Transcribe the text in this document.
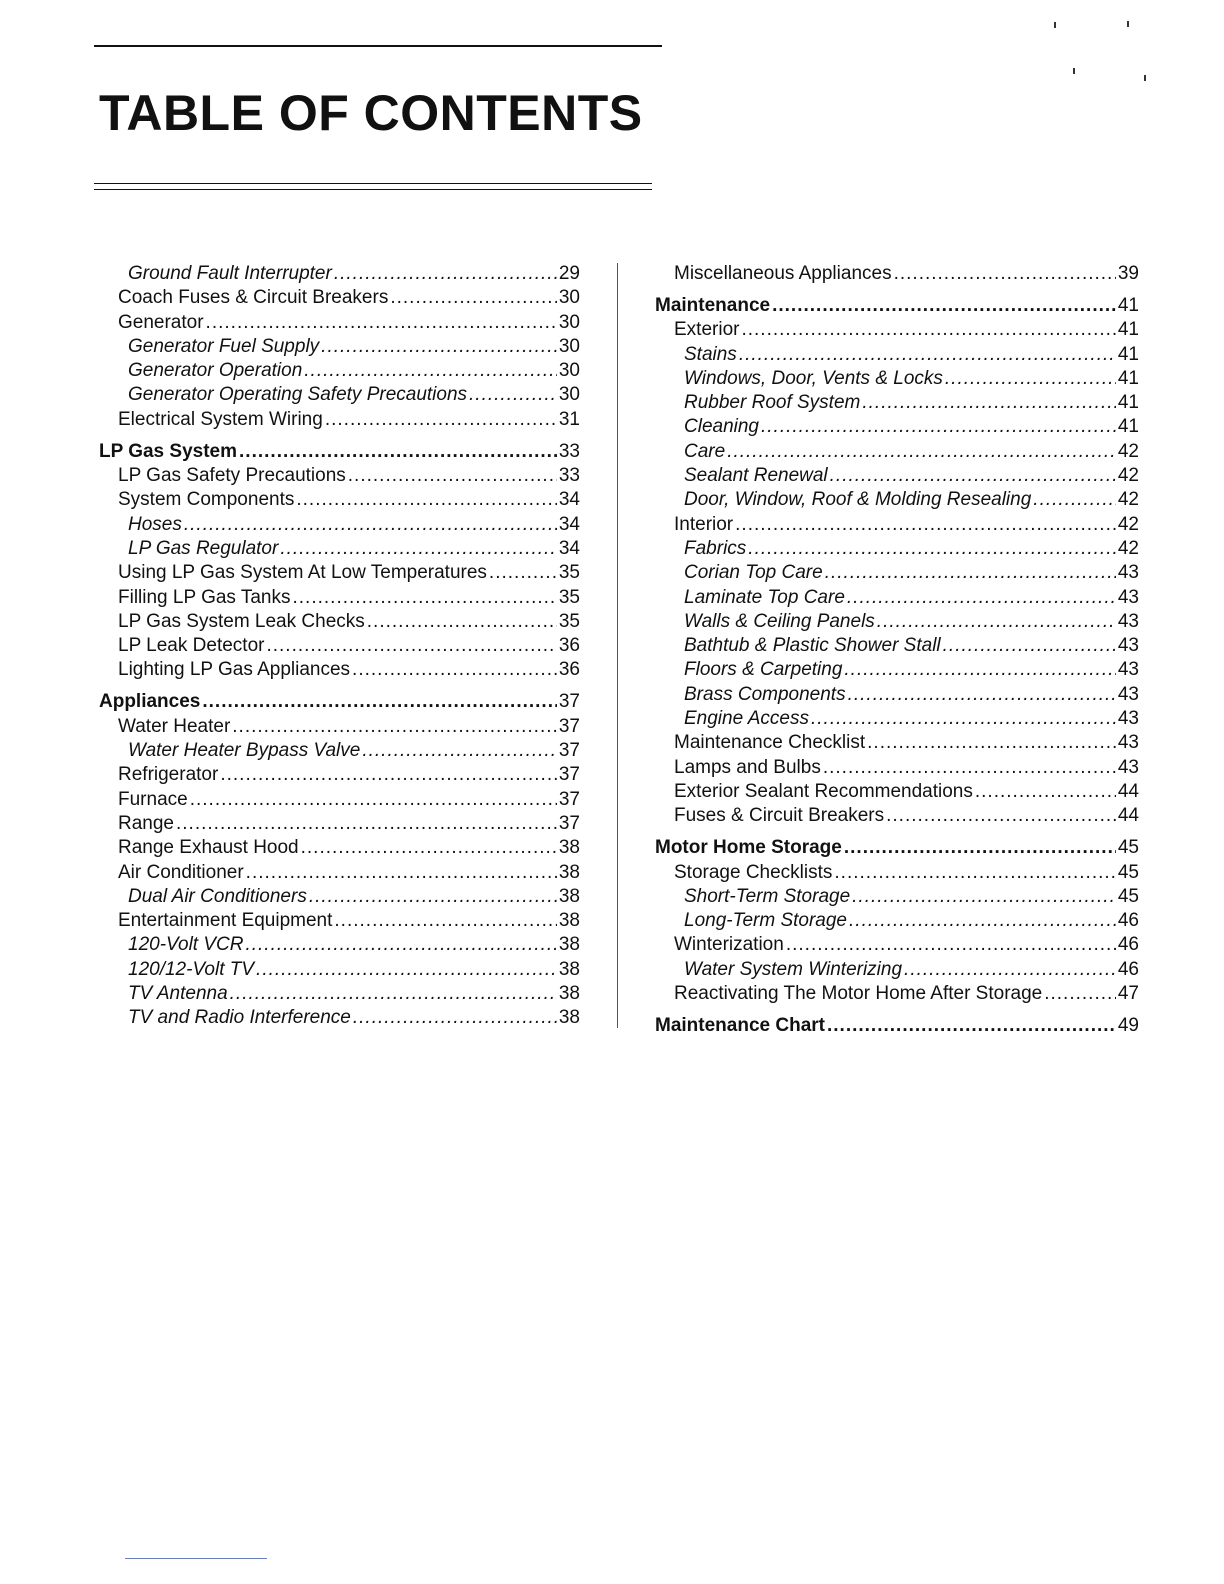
TABLE OF CONTENTS
Ground Fault Interrupter .....	29
Coach Fuses & Circuit Breakers .....	30
Generator .....	30
Generator Fuel Supply .....	30
Generator Operation .....	30
Generator Operating Safety Precautions .....	30
Electrical System Wiring .....	31
LP Gas System .....	33
LP Gas Safety Precautions .....	33
System Components .....	34
Hoses .....	34
LP Gas Regulator .....	34
Using LP Gas System At Low Temperatures .....	35
Filling LP Gas Tanks .....	35
LP Gas System Leak Checks .....	35
LP Leak Detector .....	36
Lighting LP Gas Appliances .....	36
Appliances .....	37
Water Heater .....	37
Water Heater Bypass Valve .....	37
Refrigerator .....	37
Furnace .....	37
Range .....	37
Range Exhaust Hood .....	38
Air Conditioner .....	38
Dual Air Conditioners .....	38
Entertainment Equipment .....	38
120-Volt VCR .....	38
120/12-Volt TV .....	38
TV Antenna .....	38
TV and Radio Interference .....	38
Miscellaneous Appliances .....	39
Maintenance .....	41
Exterior .....	41
Stains .....	41
Windows, Door, Vents & Locks .....	41
Rubber Roof System .....	41
Cleaning .....	41
Care .....	42
Sealant Renewal .....	42
Door, Window, Roof & Molding Resealing .....	42
Interior .....	42
Fabrics .....	42
Corian Top Care .....	43
Laminate Top Care .....	43
Walls & Ceiling Panels .....	43
Bathtub & Plastic Shower Stall .....	43
Floors & Carpeting .....	43
Brass Components .....	43
Engine Access .....	43
Maintenance Checklist .....	43
Lamps and Bulbs .....	43
Exterior Sealant Recommendations .....	44
Fuses & Circuit Breakers .....	44
Motor Home Storage .....	45
Storage Checklists .....	45
Short-Term Storage .....	45
Long-Term Storage .....	46
Winterization .....	46
Water System Winterizing .....	46
Reactivating The Motor Home After Storage .....	47
Maintenance Chart .....	49
